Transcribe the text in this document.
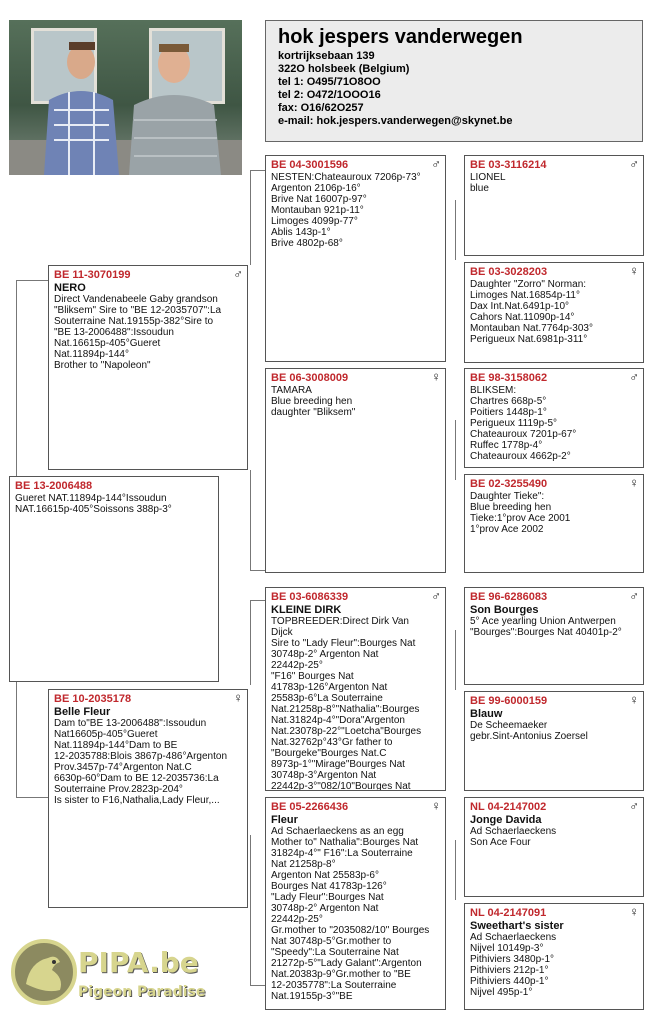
hok jespers vanderwegen
kortrijksebaan 139
322O holsbeek (Belgium)
tel 1: O495/71O8OO
tel 2: O472/1OOO16
fax: O16/62O257
e-mail: hok.jespers.vanderwegen@skynet.be
BE 13-2006488
Gueret NAT.11894p-144°Issoudun
NAT.16615p-405°Soissons 388p-3°
♂
BE 11-3070199
NERO
Direct Vandenabeele Gaby grandson
"Bliksem" Sire to "BE 12-2035707":La
Souterraine Nat.19155p-382°Sire to
"BE 13-2006488":Issoudun
Nat.16615p-405°Gueret
Nat.11894p-144°
Brother to "Napoleon"
♀
BE 10-2035178
Belle Fleur
Dam to"BE 13-2006488":Issoudun
Nat16605p-405°Gueret
Nat.11894p-144°Dam to BE
12-2035788:Blois 3867p-486°Argenton
Prov.3457p-74°Argenton Nat.C
6630p-60°Dam to BE 12-2035736:La
Souterraine Prov.2823p-204°
Is sister to F16,Nathalia,Lady Fleur,...
♂
BE 04-3001596
NESTEN:Chateauroux 7206p-73°
Argenton 2106p-16°
Brive Nat 16007p-97°
Montauban 921p-11°
Limoges 4099p-77°
Ablis 143p-1°
Brive 4802p-68°
♀
BE 06-3008009
TAMARA
Blue breeding hen
daughter "Bliksem"
♂
BE 03-6086339
KLEINE DIRK
TOPBREEDER:Direct Dirk Van
Dijck
Sire to "Lady Fleur":Bourges Nat
30748p-2° Argenton Nat
22442p-25°
"F16" Bourges Nat
41783p-126°Argenton Nat
25583p-6°La Souterraine
Nat.21258p-8°"Nathalia":Bourges
Nat.31824p-4°"Dora"Argenton
Nat.23078p-22°"Loetcha"Bourges
Nat.32762p°43°Gr father to
"Bourgeke"Bourges Nat.C
8973p-1°"Mirage"Bourges Nat
30748p-3°Argenton Nat
22442p-3°"082/10"Bourges Nat
♀
BE 05-2266436
Fleur
Ad Schaerlaeckens as an egg
Mother to" Nathalia":Bourges Nat
31824p-4°" F16":La Souterraine
Nat 21258p-8°
Argenton Nat 25583p-6°
Bourges Nat 41783p-126°
"Lady Fleur":Bourges Nat
30748p-2° Argenton Nat
22442p-25°
Gr.mother to "2035082/10" Bourges
Nat 30748p-5°Gr.mother to
"Speedy":La Souterraine Nat
21272p-5°"Lady Galant":Argenton
Nat.20383p-9°Gr.mother to "BE
12-2035778":La Souterraine
Nat.19155p-3°"BE
♂
BE 03-3116214
LIONEL
blue
♀
BE 03-3028203
Daughter "Zorro" Norman:
Limoges Nat.16854p-11°
Dax Int.Nat.6491p-10°
Cahors Nat.11090p-14°
Montauban Nat.7764p-303°
Perigueux Nat.6981p-311°
♂
BE 98-3158062
BLIKSEM:
Chartres 668p-5°
Poitiers 1448p-1°
Perigueux 1119p-5°
Chateauroux 7201p-67°
Ruffec 1778p-4°
Chateauroux 4662p-2°
♀
BE 02-3255490
Daughter Tieke":
Blue breeding hen
Tieke:1°prov Ace 2001
1°prov Ace 2002
♂
BE 96-6286083
Son Bourges
5° Ace yearling Union Antwerpen
"Bourges":Bourges Nat 40401p-2°
♀
BE 99-6000159
Blauw
De Scheemaeker
gebr.Sint-Antonius Zoersel
♂
NL 04-2147002
Jonge Davida
Ad Schaerlaeckens
Son Ace Four
♀
NL 04-2147091
Sweethart's sister
Ad Schaerlaeckens
Nijvel 10149p-3°
Pithiviers 3480p-1°
Pithiviers 212p-1°
Pithiviers 440p-1°
Nijvel 495p-1°
PIPA.be
Pigeon Paradise
